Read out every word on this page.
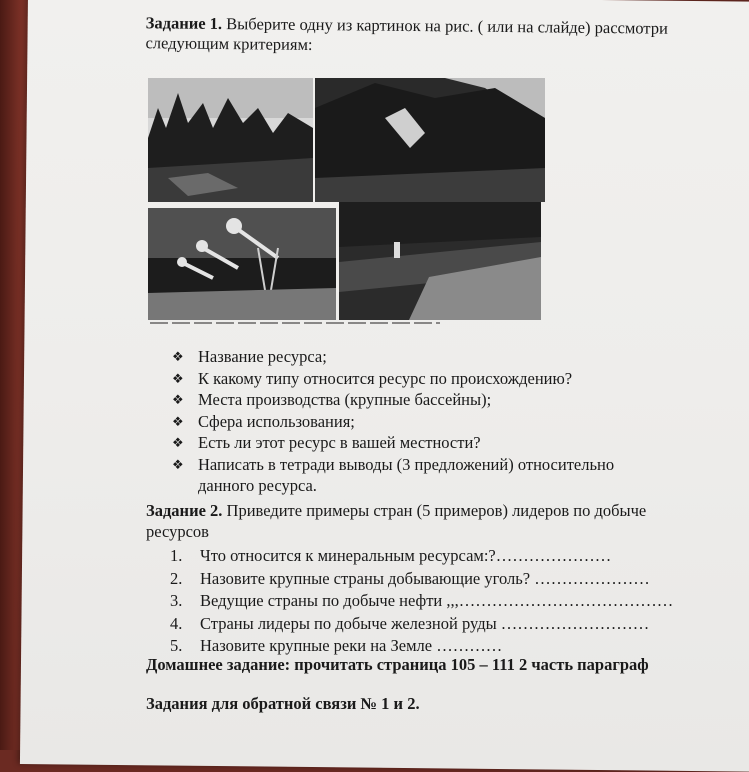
Задание 1. Выберите одну из картинок на рис. ( или на слайде) рассмотри
следующим критериям:
❖ Название ресурса;
❖ К какому типу относится ресурс по происхождению?
❖ Места производства (крупные бассейны);
❖ Сфера использования;
❖ Есть ли этот ресурс в вашей местности?
❖ Написать в тетради выводы (3 предложений) относительно
данного ресурса.
Задание 2. Приведите примеры стран (5 примеров) лидеров по добыче
ресурсов
1.	Что относится к минеральным ресурсам:?…………………
2.	Назовите крупные страны добывающие уголь? …………………
3.	Ведущие страны по добыче нефти ,,,…………………………………
4.	Страны лидеры по добыче железной руды ………………………
5.	Назовите крупные реки на Земле …………
Домашнее задание: прочитать страница 105 – 111 2 часть параграф
Задания для обратной связи № 1 и 2.
